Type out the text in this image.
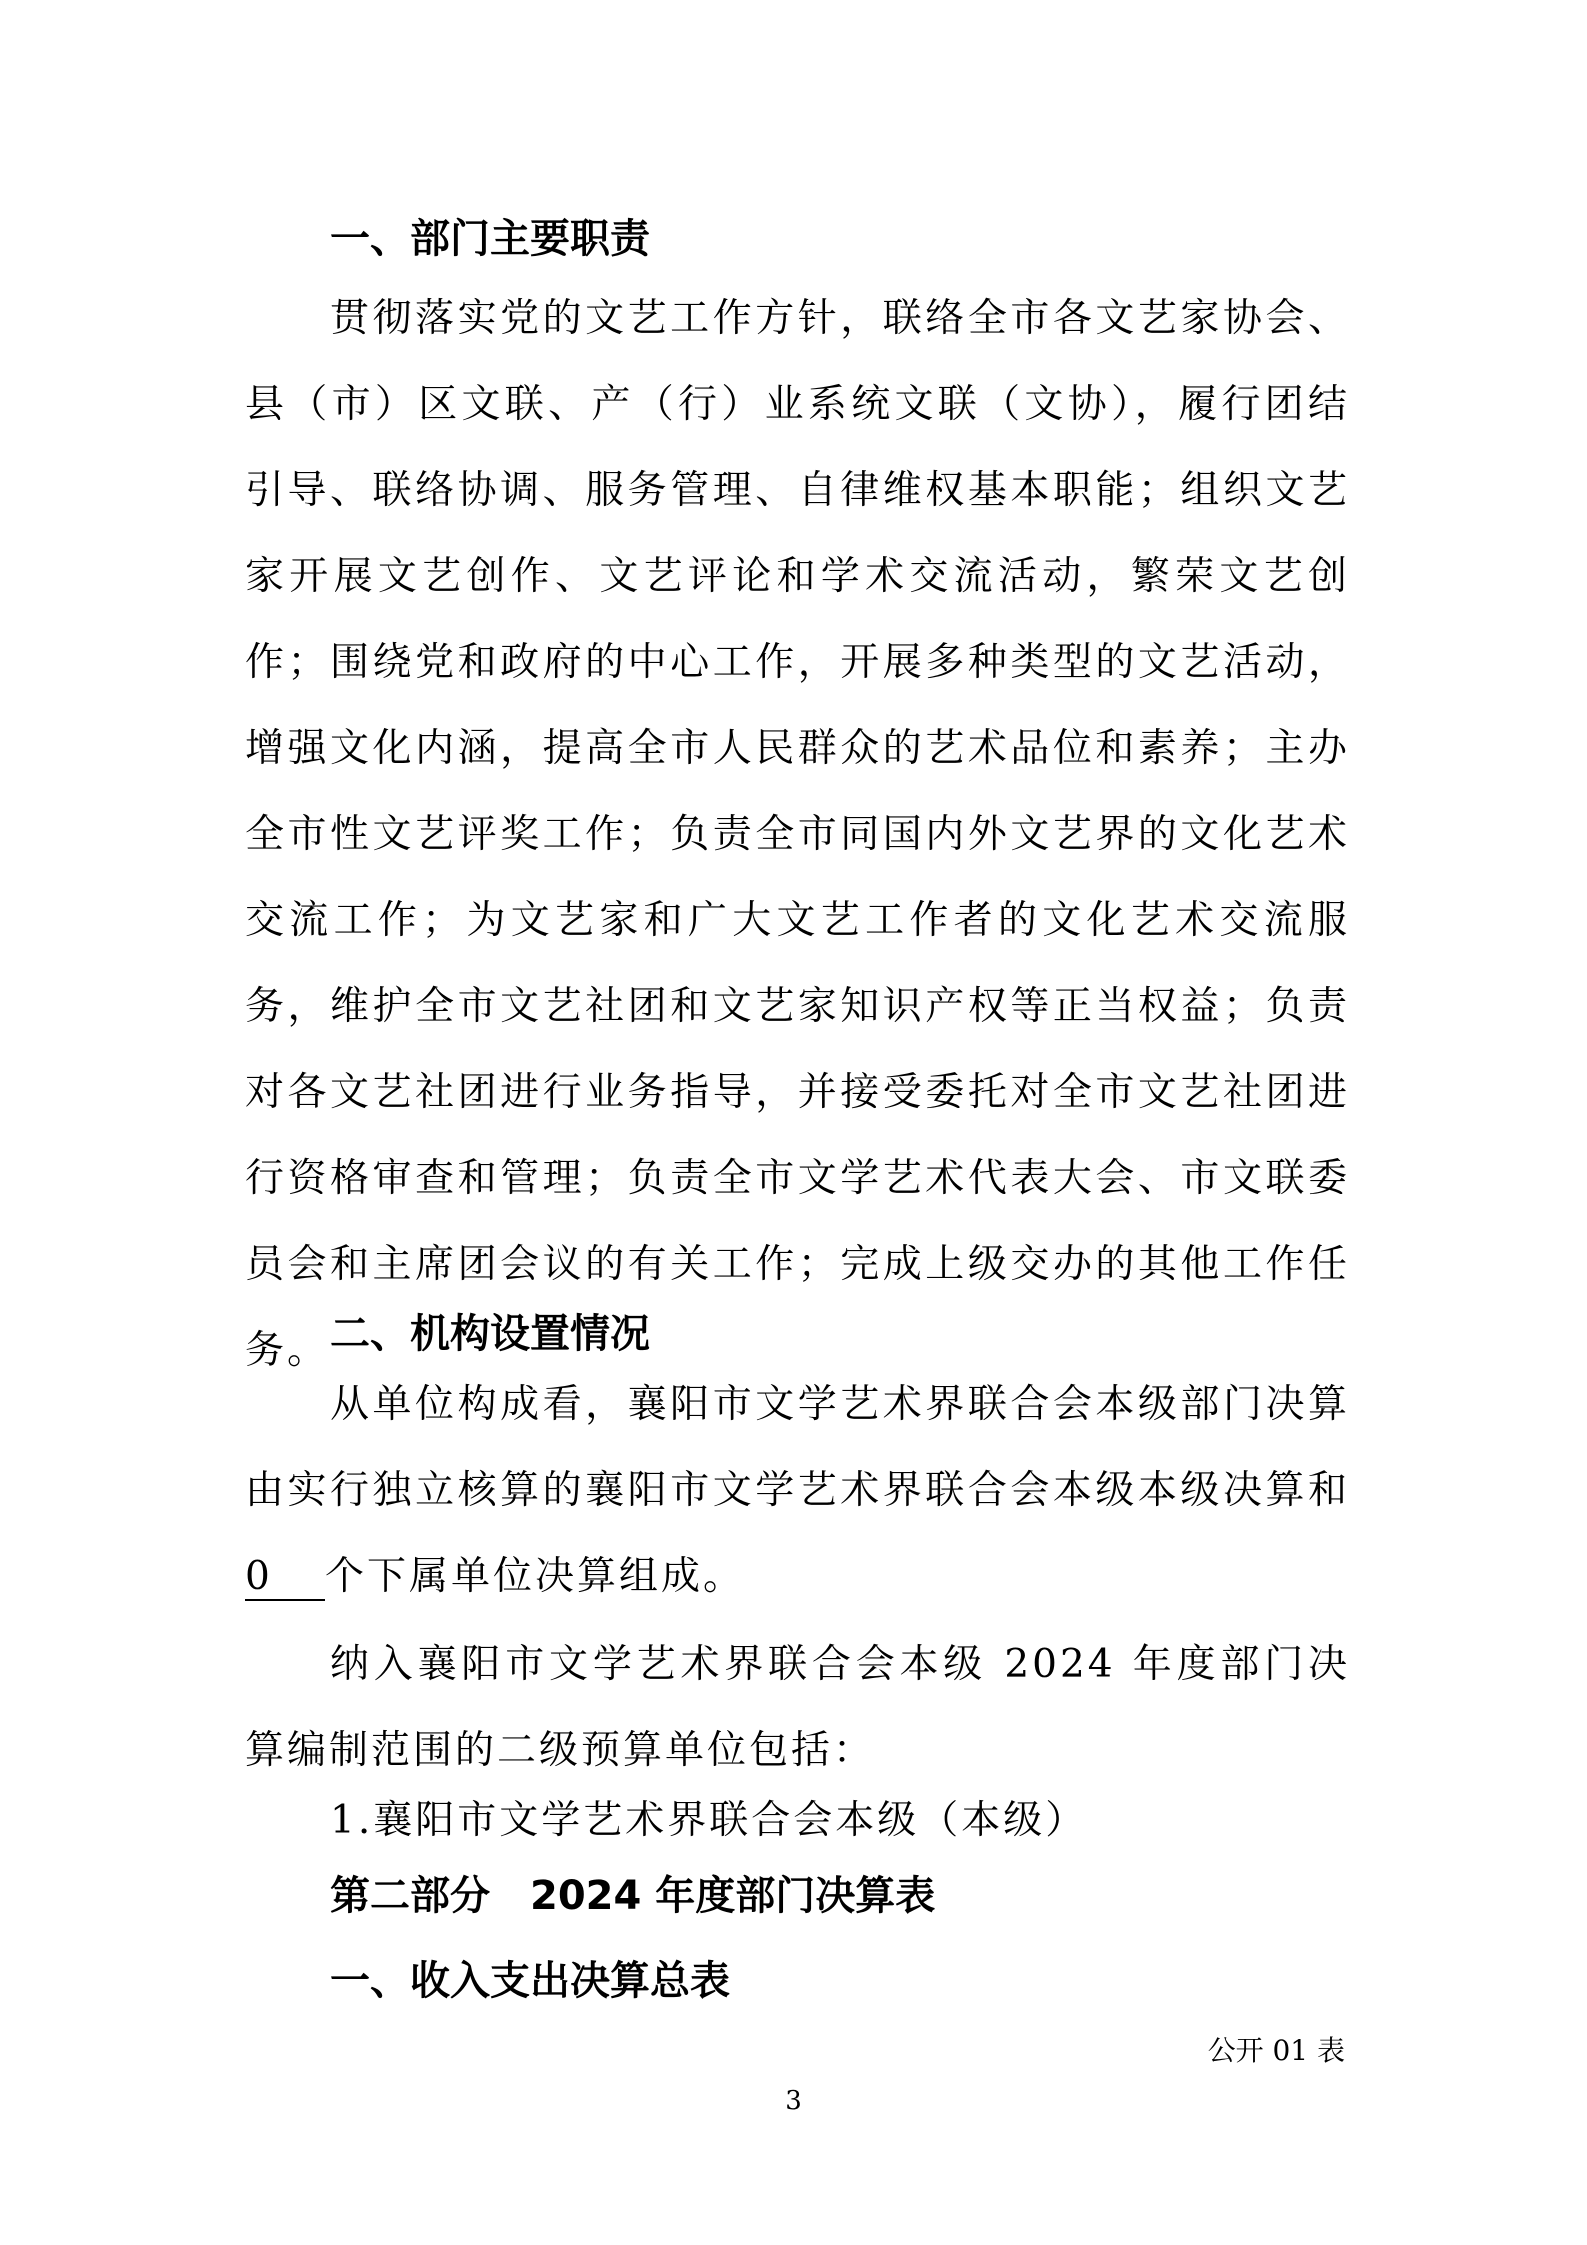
一、部门主要职责

贯彻落实党的文艺工作方针，联络全市各文艺家协会、县（市）区文联、产（行）业系统文联（文协），履行团结引导、联络协调、服务管理、自律维权基本职能；组织文艺家开展文艺创作、文艺评论和学术交流活动，繁荣文艺创作；围绕党和政府的中心工作，开展多种类型的文艺活动，增强文化内涵，提高全市人民群众的艺术品位和素养；主办全市性文艺评奖工作；负责全市同国内外文艺界的文化艺术交流工作；为文艺家和广大文艺工作者的文化艺术交流服务，维护全市文艺社团和文艺家知识产权等正当权益；负责对各文艺社团进行业务指导，并接受委托对全市文艺社团进行资格审查和管理；负责全市文学艺术代表大会、市文联委员会和主席团会议的有关工作；完成上级交办的其他工作任务。 二、机构设置情况

从单位构成看，襄阳市文学艺术界联合会本级部门决算由实行独立核算的襄阳市文学艺术界联合会本级本级决算和0 个下属单位决算组成。

纳入襄阳市文学艺术界联合会本级 2024 年度部门决算编制范围的二级预算单位包括：

1.襄阳市文学艺术界联合会本级（本级）

第二部分　2024 年度部门决算表
一、收入支出决算总表
公开 01 表
3
